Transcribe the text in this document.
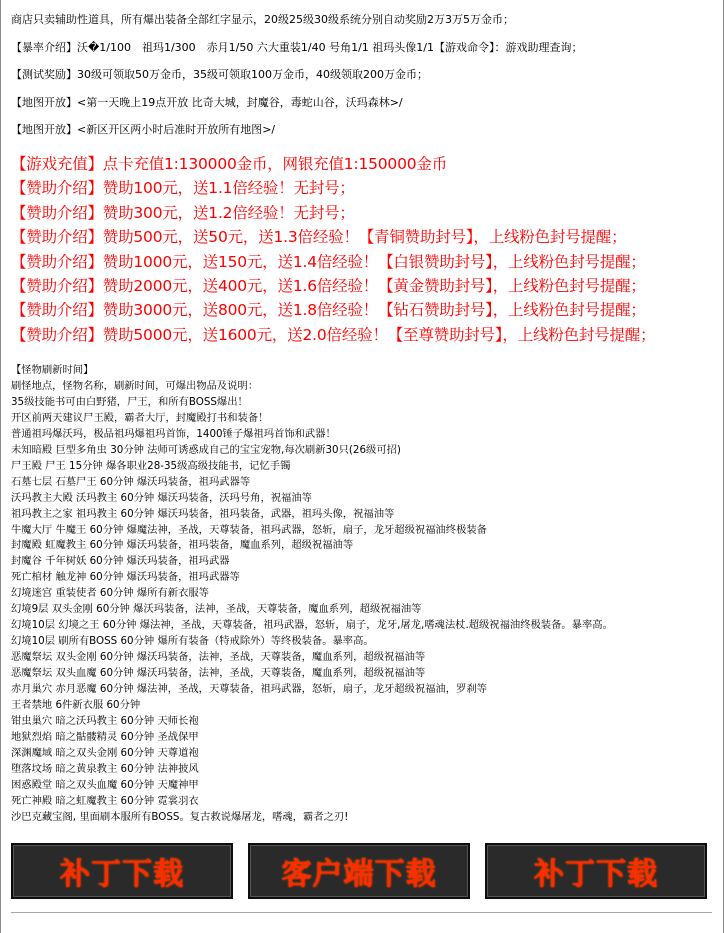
商店只卖辅助性道具，所有爆出装备全部红字显示，20级25级30级系统分别自动奖励2万3万5万金币；
【暴率介绍】沃�1/100　祖玛1/300　赤月1/50 六大重装1/40 号角1/1 祖玛头像1/1【游戏命令】：游戏助理查询；
【测试奖励】30级可领取50万金币，35级可领取100万金币，40级领取200万金币；
【地图开放】<第一天晚上19点开放 比奇大城，封魔谷，毒蛇山谷，沃玛森林>/
【地图开放】<新区开区两小时后准时开放所有地图>/
【游戏充值】点卡充值1:130000金币，网银充值1:150000金币
【赞助介绍】赞助100元，送1.1倍经验！无封号；
【赞助介绍】赞助300元，送1.2倍经验！无封号；
【赞助介绍】赞助500元，送50元，送1.3倍经验！【青铜赞助封号】，上线粉色封号提醒；
【赞助介绍】赞助1000元，送150元，送1.4倍经验！【白银赞助封号】，上线粉色封号提醒；
【赞助介绍】赞助2000元，送400元，送1.6倍经验！【黄金赞助封号】，上线粉色封号提醒；
【赞助介绍】赞助3000元，送800元，送1.8倍经验！【钻石赞助封号】，上线粉色封号提醒；
【赞助介绍】赞助5000元，送1600元，送2.0倍经验！【至尊赞助封号】，上线粉色封号提醒；
【怪物刷新时间】
刷怪地点，怪物名称，刷新时间，可爆出物品及说明：
35级技能书可由白野猪，尸王，和所有BOSS爆出！
开区前两天建议尸王殿，霸者大厅，封魔殿打书和装备！
普通祖玛爆沃玛，极品祖玛爆祖玛首饰，1400锤子爆祖玛首饰和武器！
未知暗殿 巨型多角虫 30分钟 法师可诱惑成自己的宝宝宠物,每次刷新30只(26级可招)
尸王殿 尸王 15分钟 爆各职业28-35级高级技能书，记忆手镯
石墓七层 石墓尸王 60分钟 爆沃玛装备，祖玛武器等
沃玛教主大殿 沃玛教主 60分钟 爆沃玛装备，沃玛号角，祝福油等
祖玛教主之家 祖玛教主 60分钟 爆沃玛装备，祖玛装备，武器，祖玛头像，祝福油等
牛魔大厅 牛魔王 60分钟 爆魔法神，圣战，天尊装备，祖玛武器，怒斩，扇子，龙牙超级祝福油终极装备
封魔殿 虹魔教主 60分钟 爆沃玛装备，祖玛装备，魔血系列，超级祝福油等
封魔谷 千年树妖 60分钟 爆沃玛装备，祖玛武器
死亡棺材 触龙神 60分钟 爆沃玛装备，祖玛武器等
幻境迷宫 重装使者 60分钟 爆所有新衣服等
幻境9层 双头金刚 60分钟 爆沃玛装备，法神，圣战，天尊装备，魔血系列，超级祝福油等
幻境10层 幻境之王 60分钟 爆法神，圣战，天尊装备，祖玛武器，怒斩，扇子，龙牙,屠龙,嗜魂法杖.超级祝福油终极装备。暴率高。
幻境10层 刷所有BOSS 60分钟 爆所有装备（特戒除外）等终极装备。暴率高。
恶魔祭坛 双头金刚 60分钟 爆沃玛装备，法神，圣战，天尊装备，魔血系列，超级祝福油等
恶魔祭坛 双头血魔 60分钟 爆沃玛装备，法神，圣战，天尊装备，魔血系列，超级祝福油等
赤月巢穴 赤月恶魔 60分钟 爆法神，圣战，天尊装备，祖玛武器，怒斩，扇子，龙牙超级祝福油，罗刹等
王者禁地 6件新衣服 60分钟
钳虫巢穴 暗之沃玛教主 60分钟 天师长袍
地狱烈焰 暗之骷髅精灵 60分钟 圣战保甲
深渊魔域 暗之双头金刚 60分钟 天尊道袍
堕落坟场 暗之黄泉教主 60分钟 法神披风
困惑殿堂 暗之双头血魔 60分钟 天魔神甲
死亡神殿 暗之虹魔教主 60分钟 霓裳羽衣
沙巴克藏宝阁, 里面刷本服所有BOSS。复古救说爆屠龙，嗜魂，霸者之刃!
补丁下载	客户端下载	补丁下载
